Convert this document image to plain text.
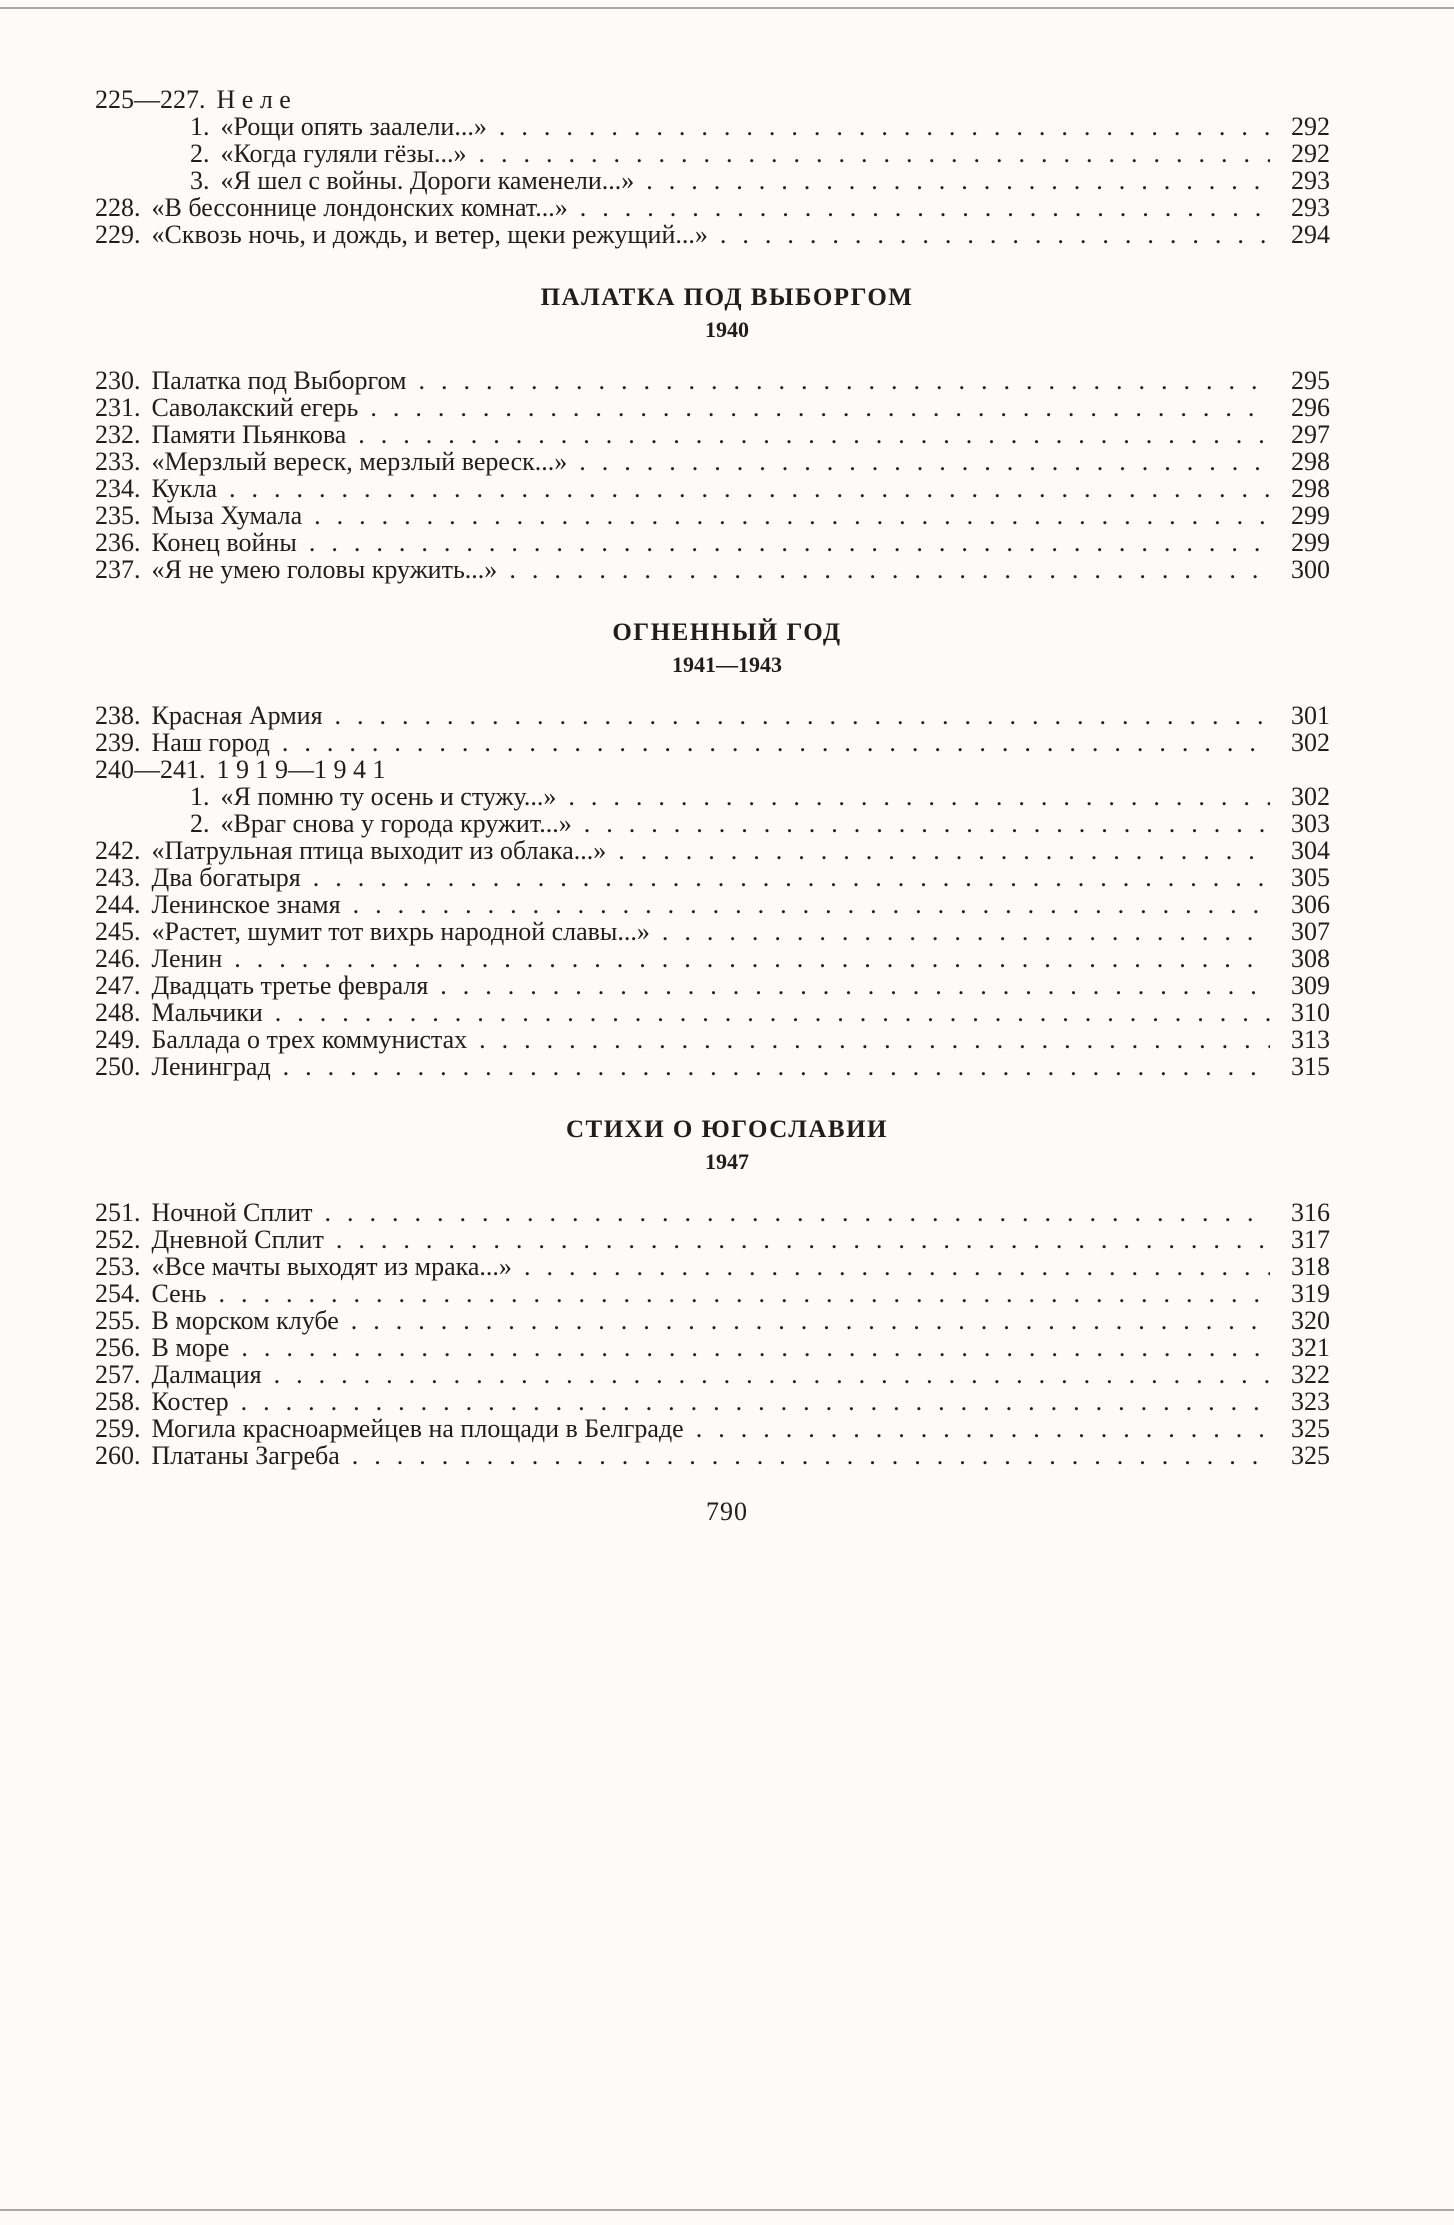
225—227. Н е л е
1. «Рощи опять заалели...» .....	292
2. «Когда гуляли гёзы...» .....	292
3. «Я шел с войны. Дороги каменели...» .....	293
228. «В бессоннице лондонских комнат...» .....	293
229. «Сквозь ночь, и дождь, и ветер, щеки режущий...» .....	294
ПАЛАТКА ПОД ВЫБОРГОМ
1940
230. Палатка под Выборгом .....	295
231. Саволакский егерь .....	296
232. Памяти Пьянкова .....	297
233. «Мерзлый вереск, мерзлый вереск...» .....	298
234. Кукла .....	298
235. Мыза Хумала .....	299
236. Конец войны .....	299
237. «Я не умею головы кружить...» .....	300
ОГНЕННЫЙ ГОД
1941—1943
238. Красная Армия .....	301
239. Наш город .....	302
240—241. 1 9 1 9—1 9 4 1
1. «Я помню ту осень и стужу...» .....	302
2. «Враг снова у города кружит...» .....	303
242. «Патрульная птица выходит из облака...» .....	304
243. Два богатыря .....	305
244. Ленинское знамя .....	306
245. «Растет, шумит тот вихрь народной славы...» .....	307
246. Ленин .....	308
247. Двадцать третье февраля .....	309
248. Мальчики .....	310
249. Баллада о трех коммунистах .....	313
250. Ленинград .....	315
СТИХИ О ЮГОСЛАВИИ
1947
251. Ночной Сплит .....	316
252. Дневной Сплит .....	317
253. «Все мачты выходят из мрака...» .....	318
254. Сень .....	319
255. В морском клубе .....	320
256. В море .....	321
257. Далмация .....	322
258. Костер .....	323
259. Могила красноармейцев на площади в Белграде .....	325
260. Платаны Загреба .....	325
790
